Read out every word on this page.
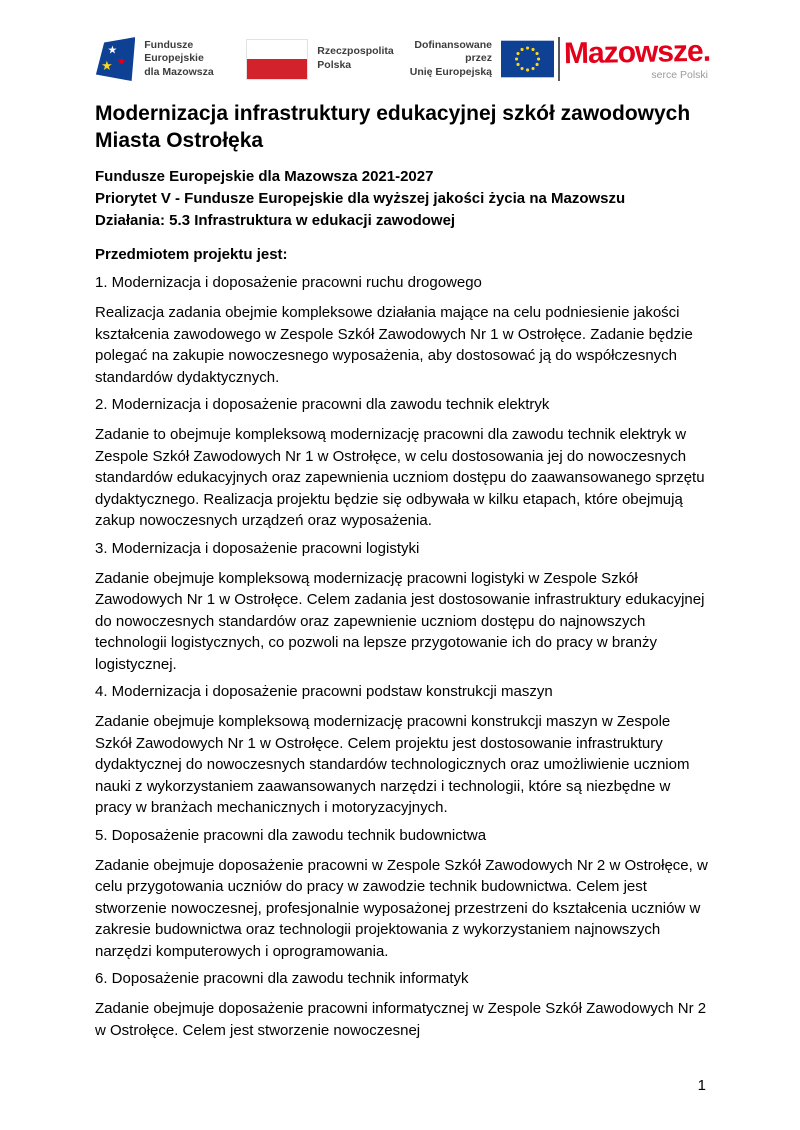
★
★ ★
Fundusze Europejskie
dla Mazowsza
Rzeczpospolita
Polska
Dofinansowane przez
Unię Europejską
Mazowsze.
serce Polski
Modernizacja infrastruktury edukacyjnej szkół zawodowych Miasta Ostrołęka
Fundusze Europejskie dla Mazowsza 2021-2027
Priorytet V - Fundusze Europejskie dla wyższej jakości życia na Mazowszu
Działania: 5.3 Infrastruktura w edukacji zawodowej
Przedmiotem projektu jest:
1. Modernizacja i doposażenie pracowni ruchu drogowego
Realizacja zadania obejmie kompleksowe działania mające na celu podniesienie jakości kształcenia zawodowego w Zespole Szkół Zawodowych Nr 1 w Ostrołęce. Zadanie będzie polegać na zakupie nowoczesnego wyposażenia, aby dostosować ją do współczesnych standardów dydaktycznych.
2. Modernizacja i doposażenie pracowni dla zawodu technik elektryk
Zadanie to obejmuje kompleksową modernizację pracowni dla zawodu technik elektryk w Zespole Szkół Zawodowych Nr 1 w Ostrołęce, w celu dostosowania jej do nowoczesnych standardów edukacyjnych oraz zapewnienia uczniom dostępu do zaawansowanego sprzętu dydaktycznego. Realizacja projektu będzie się odbywała w kilku etapach, które obejmują zakup nowoczesnych urządzeń oraz wyposażenia.
3. Modernizacja i doposażenie pracowni logistyki
Zadanie obejmuje kompleksową modernizację pracowni logistyki w Zespole Szkół Zawodowych Nr 1 w Ostrołęce. Celem zadania jest dostosowanie infrastruktury edukacyjnej do nowoczesnych standardów oraz zapewnienie uczniom dostępu do najnowszych technologii logistycznych, co pozwoli na lepsze przygotowanie ich do pracy w branży logistycznej.
4. Modernizacja i doposażenie pracowni podstaw konstrukcji maszyn
Zadanie obejmuje kompleksową modernizację pracowni konstrukcji maszyn w Zespole Szkół Zawodowych Nr 1 w Ostrołęce. Celem projektu jest dostosowanie infrastruktury dydaktycznej do nowoczesnych standardów technologicznych oraz umożliwienie uczniom nauki z wykorzystaniem zaawansowanych narzędzi i technologii, które są niezbędne w pracy w branżach mechanicznych i motoryzacyjnych.
5. Doposażenie pracowni dla zawodu technik budownictwa
Zadanie obejmuje doposażenie pracowni w Zespole Szkół Zawodowych Nr 2 w Ostrołęce, w celu przygotowania uczniów do pracy w zawodzie technik budownictwa. Celem jest stworzenie nowoczesnej, profesjonalnie wyposażonej przestrzeni do kształcenia uczniów w zakresie budownictwa oraz technologii projektowania z wykorzystaniem najnowszych narzędzi komputerowych i oprogramowania.
6. Doposażenie pracowni dla zawodu technik informatyk
Zadanie obejmuje doposażenie pracowni informatycznej w Zespole Szkół Zawodowych Nr 2 w Ostrołęce. Celem jest stworzenie nowoczesnej
1
